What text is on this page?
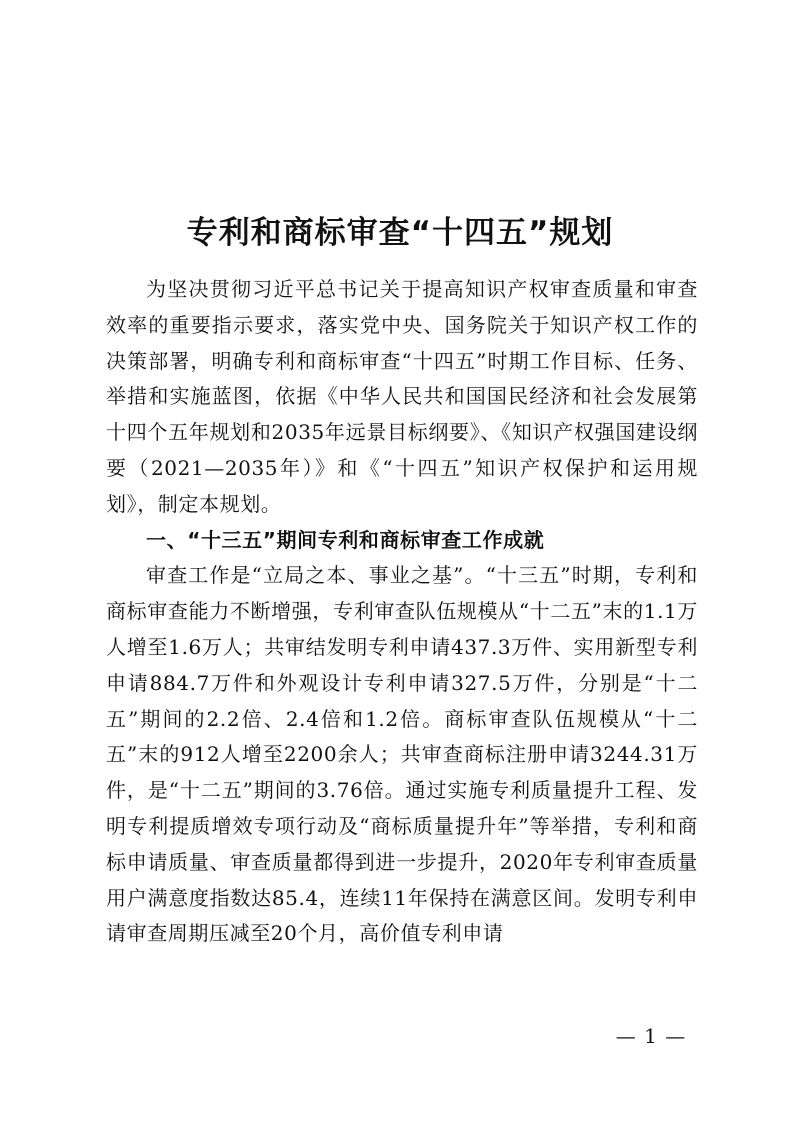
专利和商标审查“十四五”规划

为坚决贯彻习近平总书记关于提高知识产权审查质量和审查效率的重要指示要求，落实党中央、国务院关于知识产权工作的决策部署，明确专利和商标审查“十四五”时期工作目标、任务、举措和实施蓝图，依据《中华人民共和国国民经济和社会发展第十四个五年规划和2035年远景目标纲要》、《知识产权强国建设纲要（2021—2035年）》和《“十四五”知识产权保护和运用规划》，制定本规划。

一、“十三五”期间专利和商标审查工作成就

审查工作是“立局之本、事业之基”。“十三五”时期，专利和商标审查能力不断增强，专利审查队伍规模从“十二五”末的1.1万人增至1.6万人；共审结发明专利申请437.3万件、实用新型专利申请884.7万件和外观设计专利申请327.5万件，分别是“十二五”期间的2.2倍、2.4倍和1.2倍。商标审查队伍规模从“十二五”末的912人增至2200余人；共审查商标注册申请3244.31万件，是“十二五”期间的3.76倍。通过实施专利质量提升工程、发明专利提质增效专项行动及“商标质量提升年”等举措，专利和商标申请质量、审查质量都得到进一步提升，2020年专利审查质量用户满意度指数达85.4，连续11年保持在满意区间。发明专利申请审查周期压减至20个月，高价值专利申请

— 1 —
